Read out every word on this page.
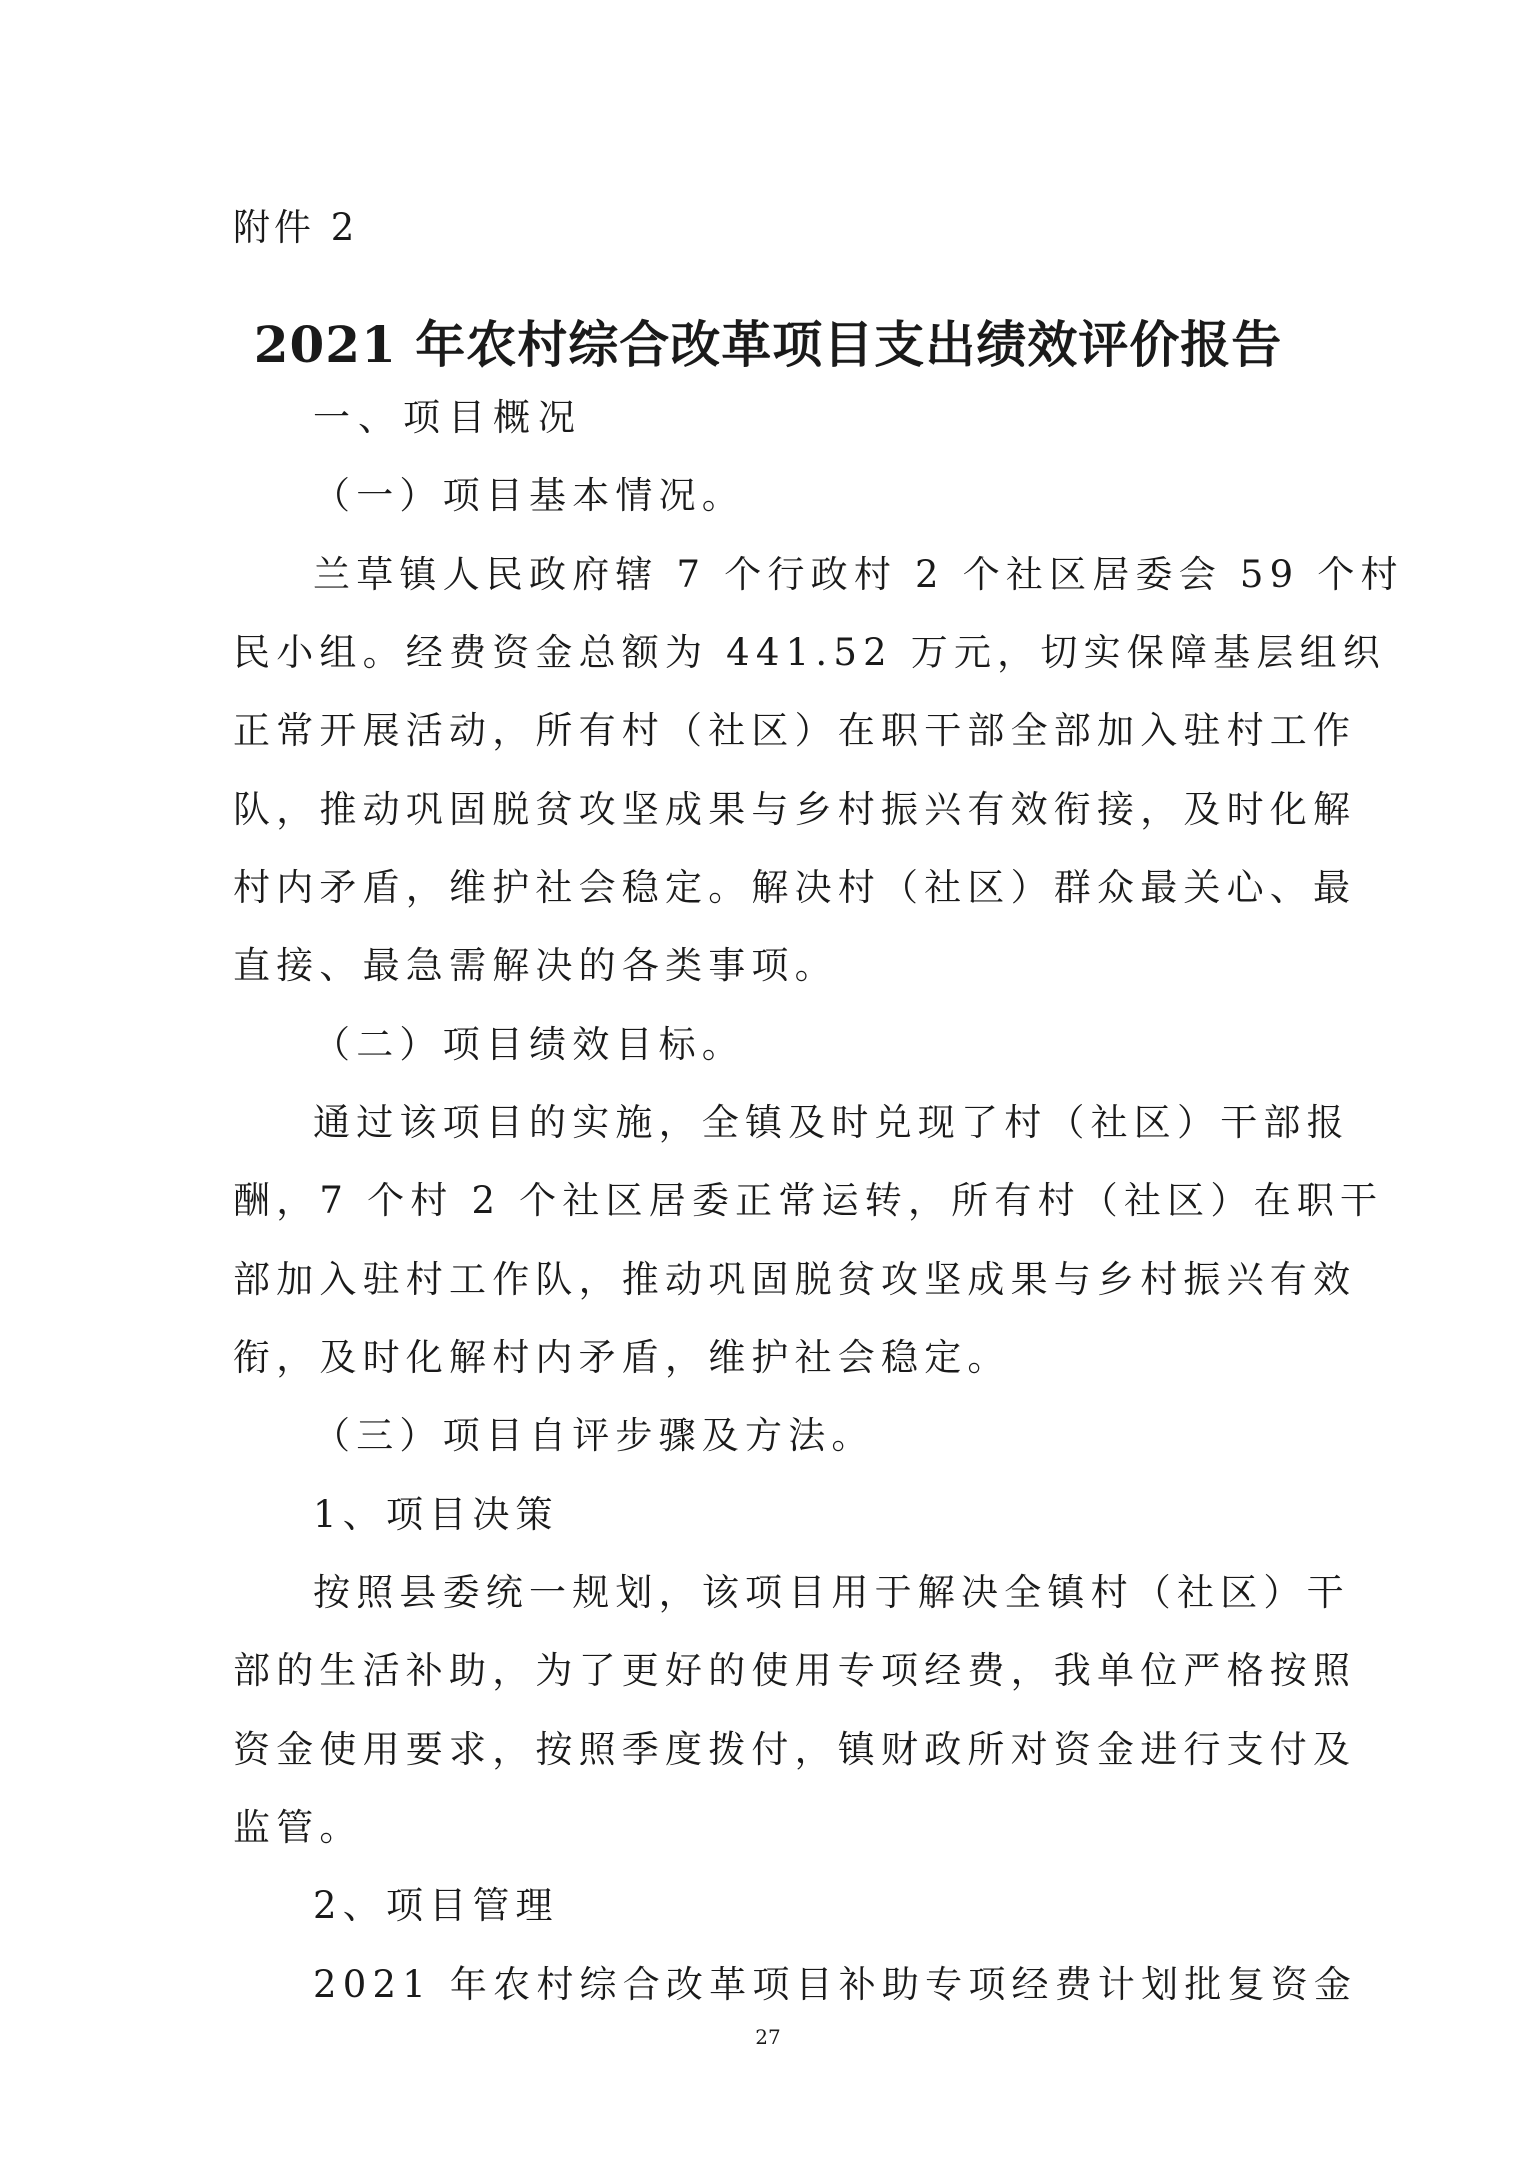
附件 2
2021 年农村综合改革项目支出绩效评价报告
一、项目概况
（一）项目基本情况。
兰草镇人民政府辖 7 个行政村 2 个社区居委会 59 个村
民小组。经费资金总额为 441.52 万元，切实保障基层组织
正常开展活动，所有村（社区）在职干部全部加入驻村工作
队，推动巩固脱贫攻坚成果与乡村振兴有效衔接，及时化解
村内矛盾，维护社会稳定。解决村（社区）群众最关心、最
直接、最急需解决的各类事项。
（二）项目绩效目标。
通过该项目的实施，全镇及时兑现了村（社区）干部报
酬，7 个村 2 个社区居委正常运转，所有村（社区）在职干
部加入驻村工作队，推动巩固脱贫攻坚成果与乡村振兴有效
衔，及时化解村内矛盾，维护社会稳定。
（三）项目自评步骤及方法。
1、项目决策
按照县委统一规划，该项目用于解决全镇村（社区）干
部的生活补助，为了更好的使用专项经费，我单位严格按照
资金使用要求，按照季度拨付，镇财政所对资金进行支付及
监管。
2、项目管理
2021 年农村综合改革项目补助专项经费计划批复资金
27
